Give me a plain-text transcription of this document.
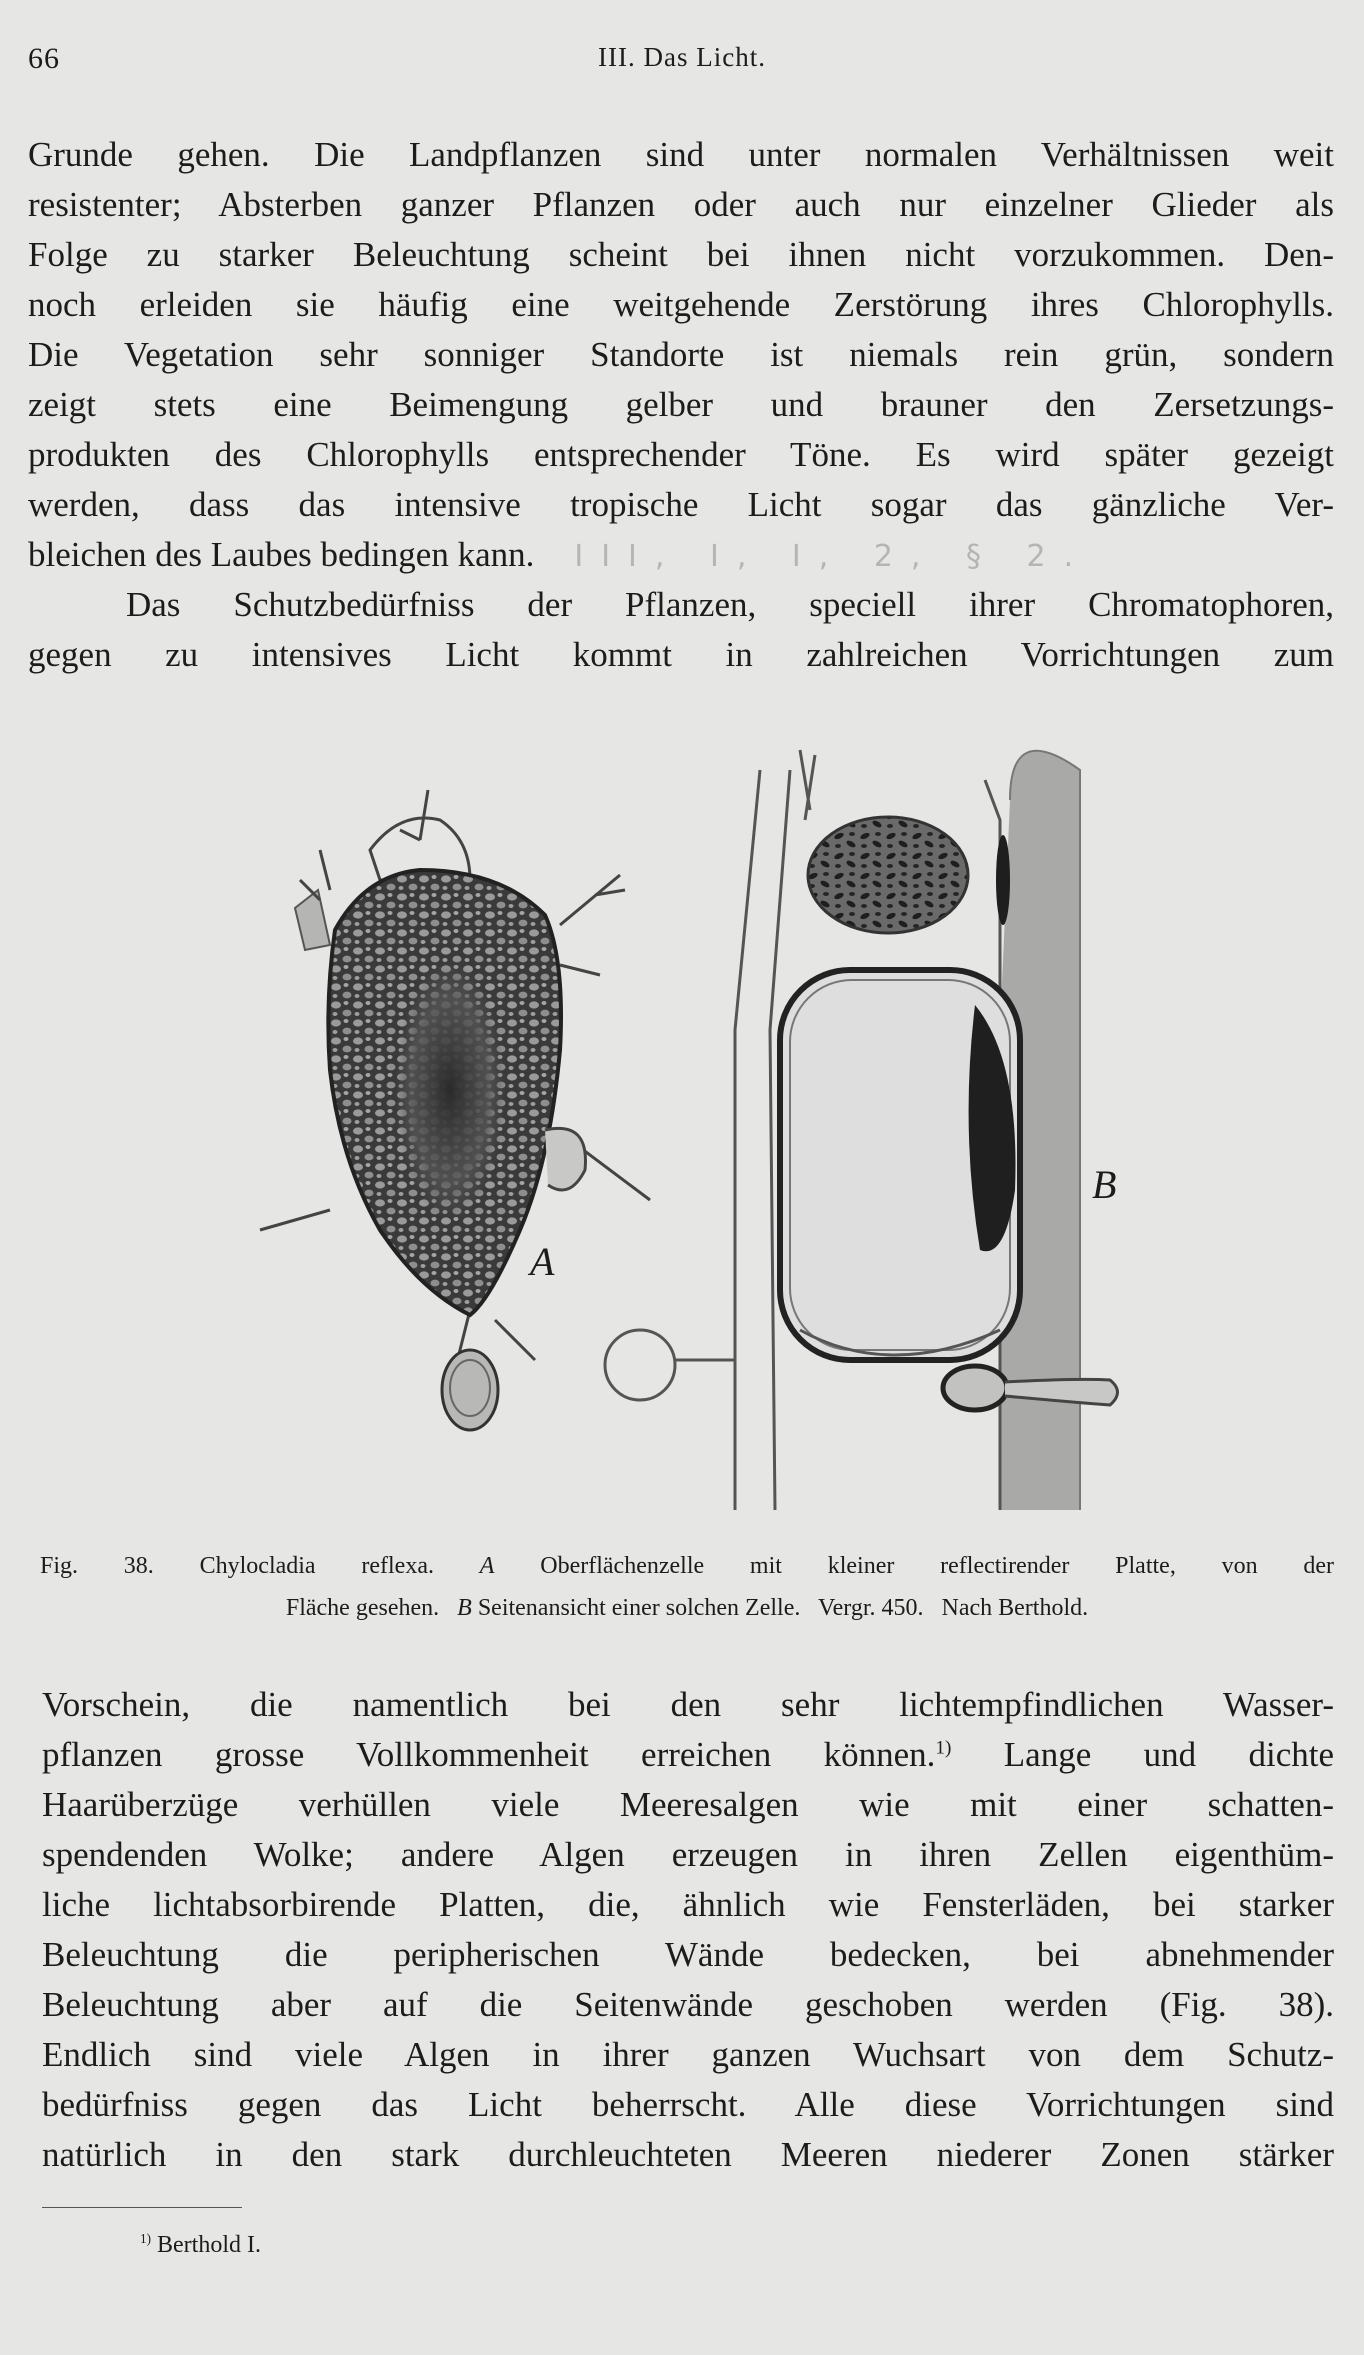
66	III. Das Licht.
Grunde gehen. Die Landpflanzen sind unter normalen Verhältnissen weit
resistenter; Absterben ganzer Pflanzen oder auch nur einzelner Glieder als
Folge zu starker Beleuchtung scheint bei ihnen nicht vorzukommen. Den-
noch erleiden sie häufig eine weitgehende Zerstörung ihres Chlorophylls.
Die Vegetation sehr sonniger Standorte ist niemals rein grün, sondern
zeigt stets eine Beimengung gelber und brauner den Zersetzungs-
produkten des Chlorophylls entsprechender Töne. Es wird später gezeigt
werden, dass das intensive tropische Licht sogar das gänzliche Ver-
bleichen des Laubes bedingen kann. III, I, I, 2, § 2.
Das Schutzbedürfniss der Pflanzen, speciell ihrer Chromatophoren,
gegen zu intensives Licht kommt in zahlreichen Vorrichtungen zum
A
B
Fig. 38. Chylocladia reflexa. A Oberflächenzelle mit kleiner reflectirender Platte, von der
Fläche gesehen. B Seitenansicht einer solchen Zelle. Vergr. 450. Nach Berthold.
Vorschein, die namentlich bei den sehr lichtempfindlichen Wasser-
pflanzen grosse Vollkommenheit erreichen können.$^{1)}$ Lange und dichte
Haarüberzüge verhüllen viele Meeresalgen wie mit einer schatten-
spendenden Wolke; andere Algen erzeugen in ihren Zellen eigenthüm-
liche lichtabsorbirende Platten, die, ähnlich wie Fensterläden, bei starker
Beleuchtung die peripherischen Wände bedecken, bei abnehmender
Beleuchtung aber auf die Seitenwände geschoben werden (Fig. 38).
Endlich sind viele Algen in ihrer ganzen Wuchsart von dem Schutz-
bedürfniss gegen das Licht beherrscht. Alle diese Vorrichtungen sind
natürlich in den stark durchleuchteten Meeren niederer Zonen stärker
$^{1)}$ Berthold I.
